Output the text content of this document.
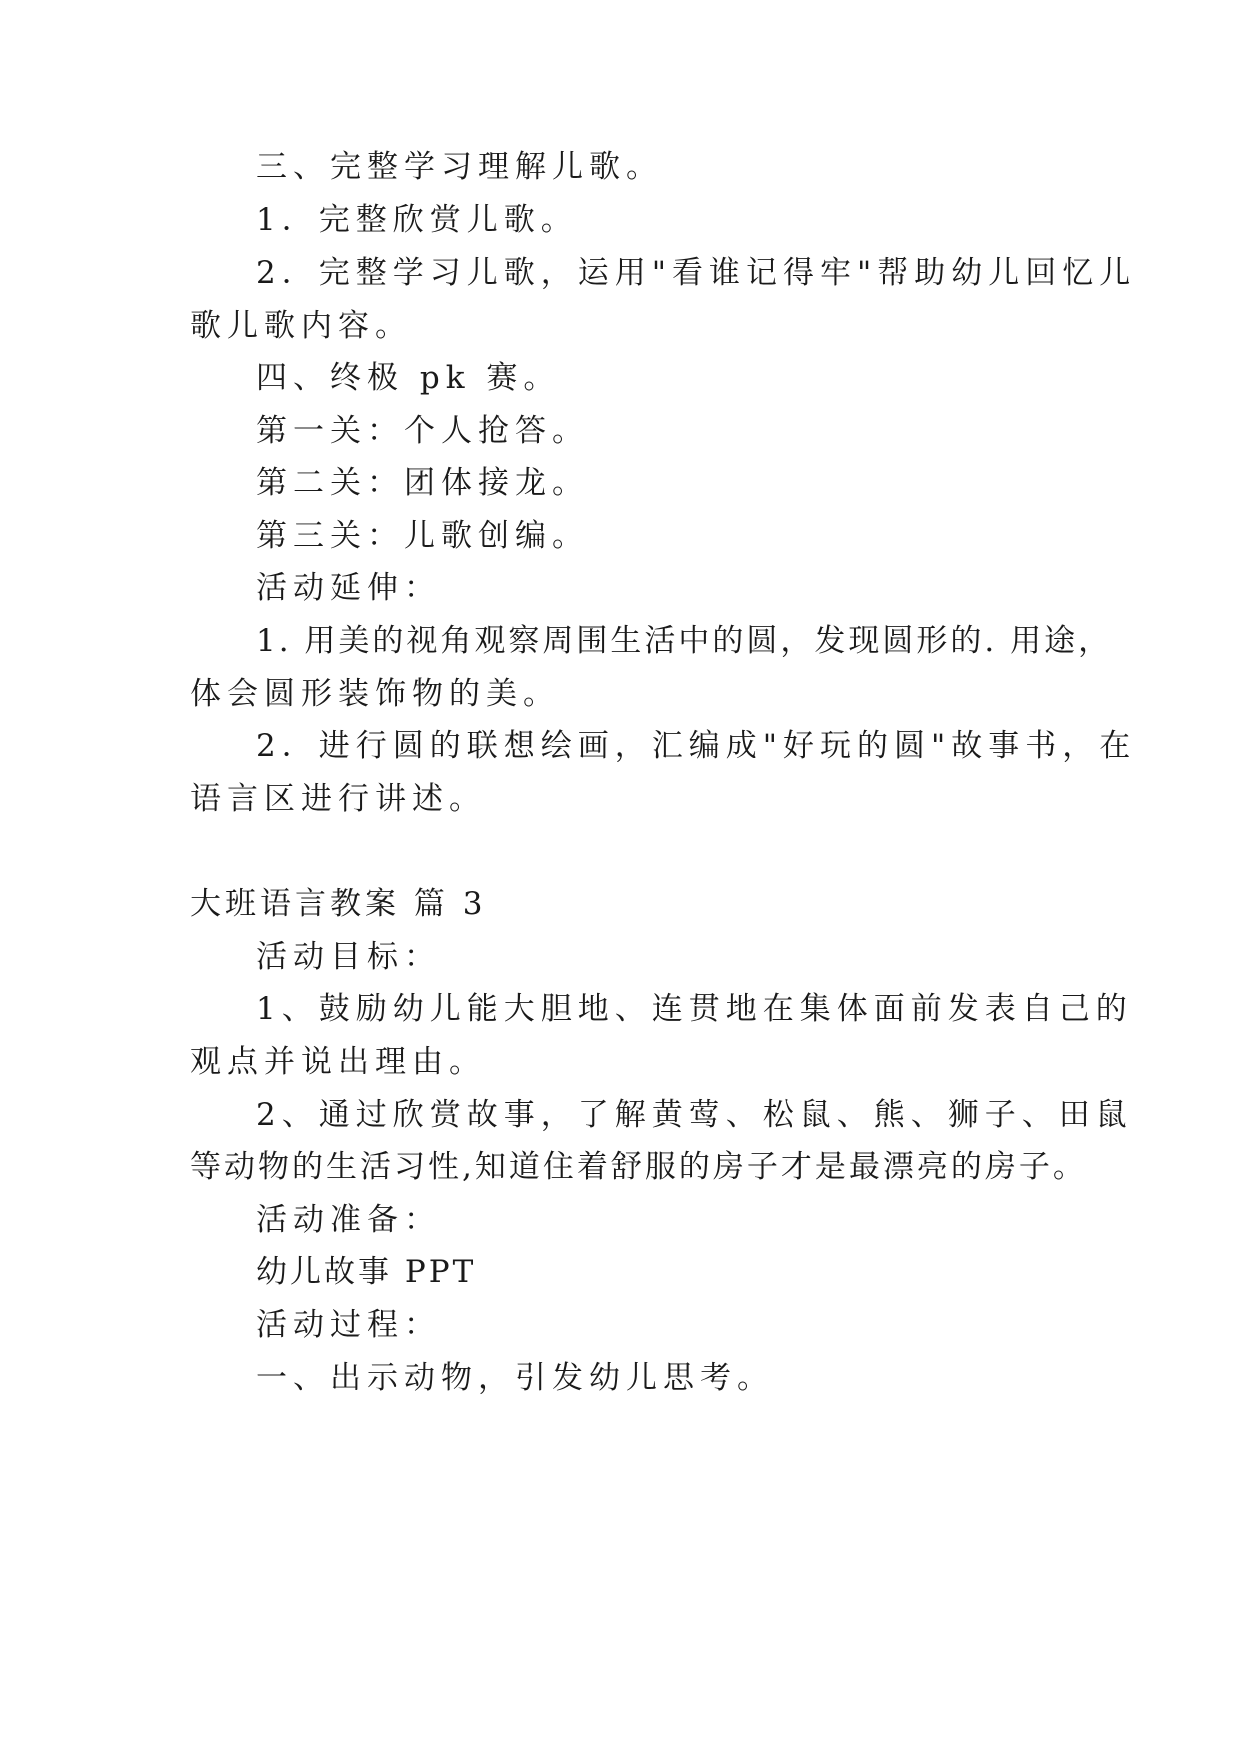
三、完整学习理解儿歌。
1．完整欣赏儿歌。
2．完整学习儿歌，运用"看谁记得牢"帮助幼儿回忆儿
歌儿歌内容。
四、终极 pk 赛。
第一关：个人抢答。
第二关：团体接龙。
第三关：儿歌创编。
活动延伸：
1. 用美的视角观察周围生活中的圆，发现圆形的. 用途，
体会圆形装饰物的美。
2．进行圆的联想绘画，汇编成"好玩的圆"故事书，在
语言区进行讲述。
大班语言教案 篇 3
活动目标：
1、鼓励幼儿能大胆地、连贯地在集体面前发表自己的
观点并说出理由。
2、通过欣赏故事，了解黄莺、松鼠、熊、狮子、田鼠
等动物的生活习性,知道住着舒服的房子才是最漂亮的房子。
活动准备：
幼儿故事 PPT
活动过程：
一、出示动物，引发幼儿思考。
